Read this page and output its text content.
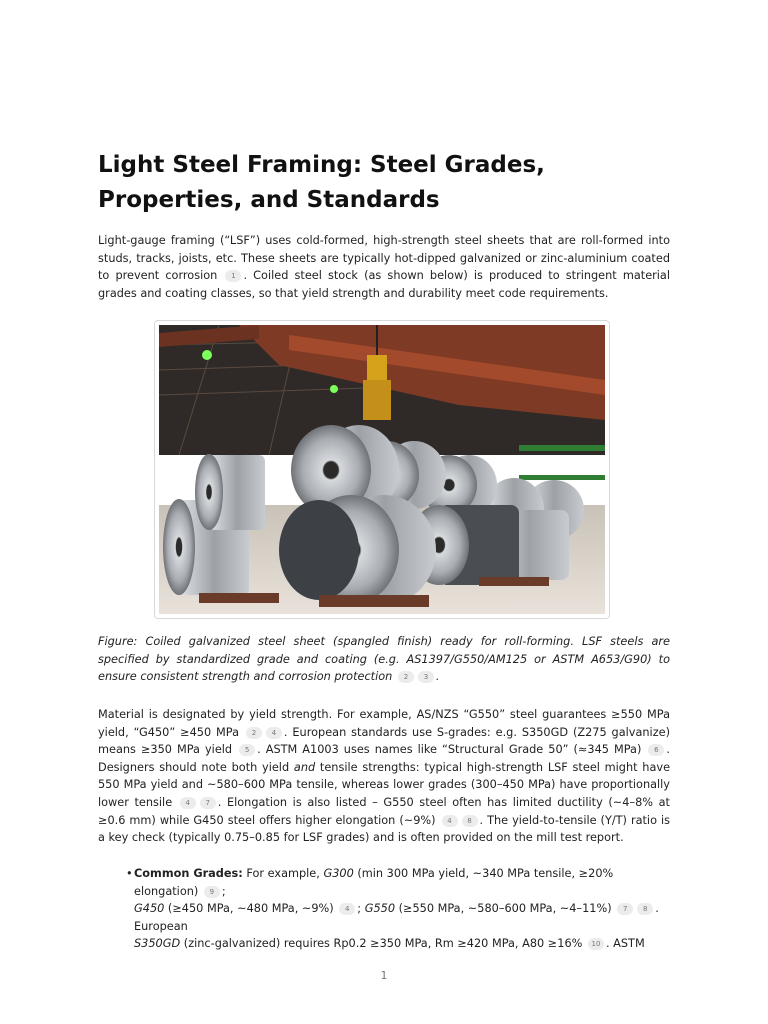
Light Steel Framing: Steel Grades, Properties, and Standards

Light-gauge framing (“LSF”) uses cold-formed, high-strength steel sheets that are roll-formed into studs, tracks, joists, etc. These sheets are typically hot-dipped galvanized or zinc-aluminium coated to prevent corrosion 1 . Coiled steel stock (as shown below) is produced to stringent material grades and coating classes, so that yield strength and durability meet code requirements.

Figure: Coiled galvanized steel sheet (spangled finish) ready for roll-forming. LSF steels are specified by standardized grade and coating (e.g. AS1397/G550/AM125 or ASTM A653/G90) to ensure consistent strength and corrosion protection 2 3 .

Material is designated by yield strength. For example, AS/NZS “G550” steel guarantees ≥550 MPa yield, “G450” ≥450 MPa 2 4 . European standards use S-grades: e.g. S350GD (Z275 galvanize) means ≥350 MPa yield 5 . ASTM A1003 uses names like “Structural Grade 50” (≈345 MPa) 6 . Designers should note both yield and tensile strengths: typical high-strength LSF steel might have 550 MPa yield and ~580–600 MPa tensile, whereas lower grades (300–450 MPa) have proportionally lower tensile 4 7 . Elongation is also listed – G550 steel often has limited ductility (~4–8% at ≥0.6 mm) while G450 steel offers higher elongation (~9%) 4 8 . The yield-to-tensile (Y/T) ratio is a key check (typically 0.75–0.85 for LSF grades) and is often provided on the mill test report.

• Common Grades: For example, G300 (min 300 MPa yield, ~340 MPa tensile, ≥20% elongation) 9 ;
G450 (≥450 MPa, ~480 MPa, ~9%) 4 ; G550 (≥550 MPa, ~580–600 MPa, ~4–11%) 7 8 . European
S350GD (zinc-galvanized) requires Rp0.2 ≥350 MPa, Rm ≥420 MPa, A80 ≥16% 10 . ASTM
1
